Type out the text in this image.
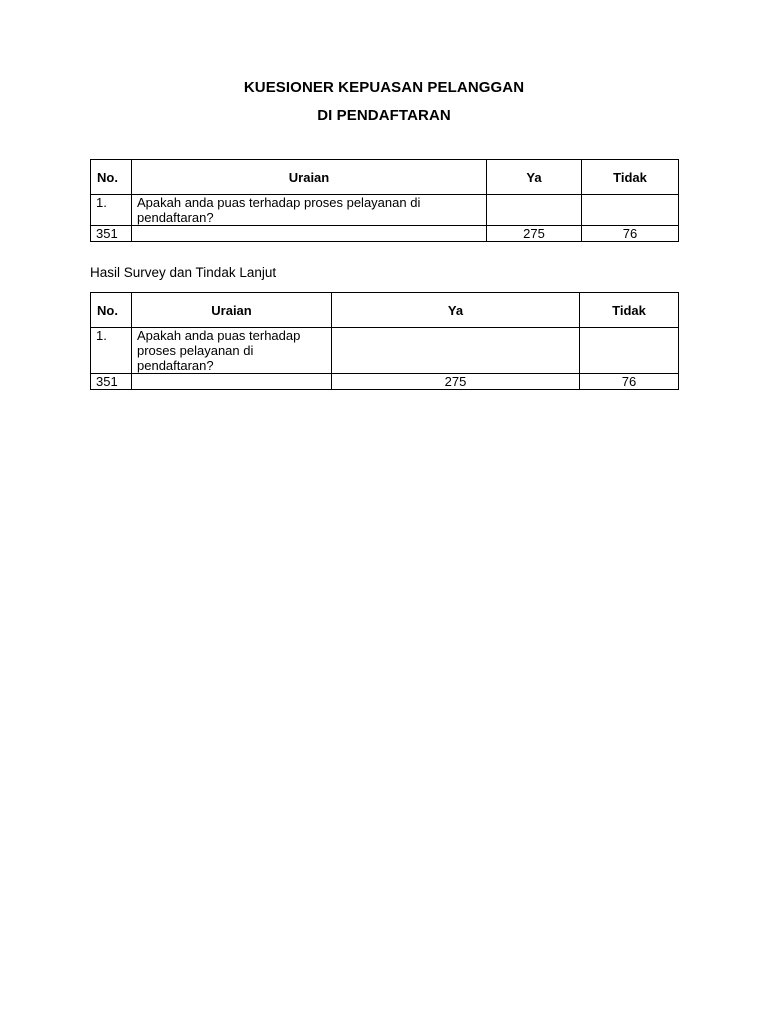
KUESIONER KEPUASAN PELANGGAN
DI PENDAFTARAN
No.	Uraian	Ya	Tidak
1.	Apakah anda puas terhadap proses pelayanan di pendaftaran?		
351		275	76
Hasil Survey dan Tindak Lanjut
No.	Uraian	Ya	Tidak
1.	Apakah anda puas terhadap proses pelayanan di pendaftaran?		
351		275	76
